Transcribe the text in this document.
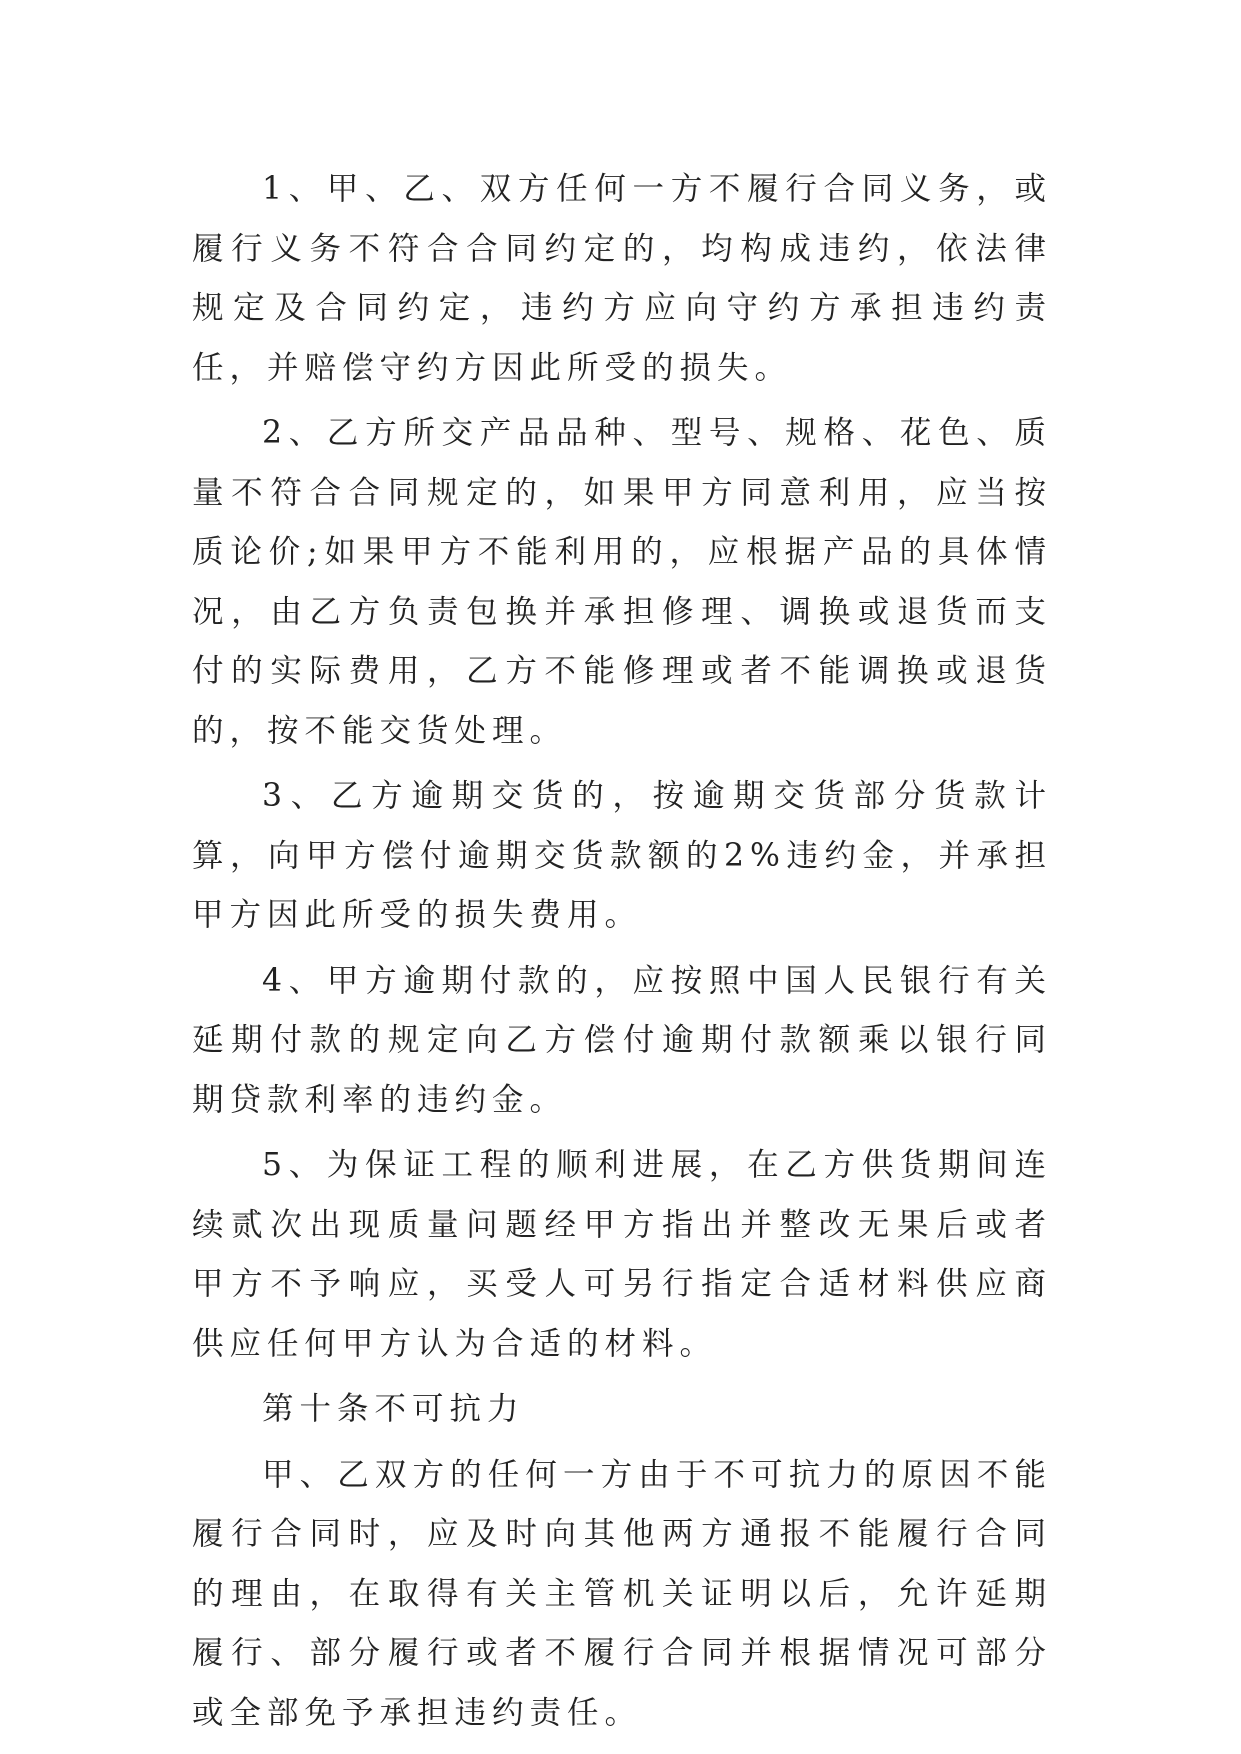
1、甲、乙、双方任何一方不履行合同义务，或履行义务不符合合同约定的，均构成违约，依法律规定及合同约定，违约方应向守约方承担违约责任，并赔偿守约方因此所受的损失。

2、乙方所交产品品种、型号、规格、花色、质量不符合合同规定的，如果甲方同意利用，应当按质论价;如果甲方不能利用的，应根据产品的具体情况，由乙方负责包换并承担修理、调换或退货而支付的实际费用，乙方不能修理或者不能调换或退货的，按不能交货处理。

3、乙方逾期交货的，按逾期交货部分货款计算，向甲方偿付逾期交货款额的2%违约金，并承担甲方因此所受的损失费用。

4、甲方逾期付款的，应按照中国人民银行有关延期付款的规定向乙方偿付逾期付款额乘以银行同期贷款利率的违约金。

5、为保证工程的顺利进展，在乙方供货期间连续贰次出现质量问题经甲方指出并整改无果后或者甲方不予响应，买受人可另行指定合适材料供应商供应任何甲方认为合适的材料。

第十条不可抗力

甲、乙双方的任何一方由于不可抗力的原因不能履行合同时，应及时向其他两方通报不能履行合同的理由，在取得有关主管机关证明以后，允许延期履行、部分履行或者不履行合同并根据情况可部分或全部免予承担违约责任。
